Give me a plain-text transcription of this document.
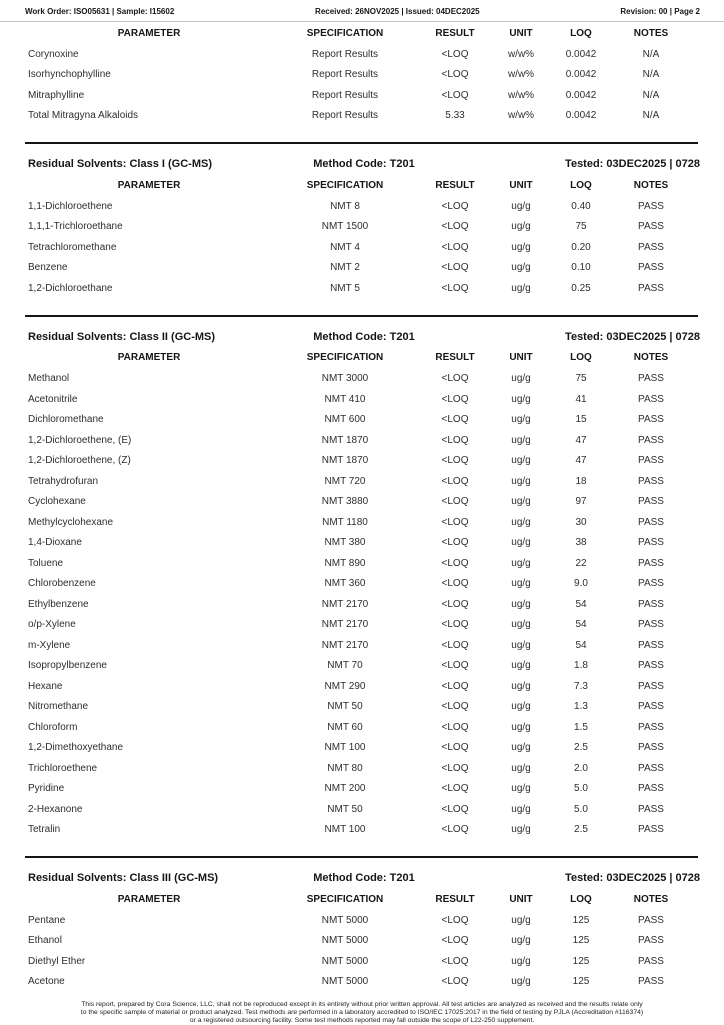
Work Order: ISO05631 | Sample: I15602	Received: 26NOV2025 | Issued: 04DEC2025	Revision: 00 | Page 2
PARAMETER	SPECIFICATION	RESULT	UNIT	LOQ	NOTES
Corynoxine	Report Results	<LOQ	w/w%	0.0042	N/A
Isorhynchophylline	Report Results	<LOQ	w/w%	0.0042	N/A
Mitraphylline	Report Results	<LOQ	w/w%	0.0042	N/A
Total Mitragyna Alkaloids	Report Results	5.33	w/w%	0.0042	N/A
Residual Solvents: Class I (GC-MS)	Method Code: T201	Tested: 03DEC2025 | 0728
PARAMETER	SPECIFICATION	RESULT	UNIT	LOQ	NOTES
1,1-Dichloroethene	NMT 8	<LOQ	ug/g	0.40	PASS
1,1,1-Trichloroethane	NMT 1500	<LOQ	ug/g	75	PASS
Tetrachloromethane	NMT 4	<LOQ	ug/g	0.20	PASS
Benzene	NMT 2	<LOQ	ug/g	0.10	PASS
1,2-Dichloroethane	NMT 5	<LOQ	ug/g	0.25	PASS
Residual Solvents: Class II (GC-MS)	Method Code: T201	Tested: 03DEC2025 | 0728
PARAMETER	SPECIFICATION	RESULT	UNIT	LOQ	NOTES
Methanol	NMT 3000	<LOQ	ug/g	75	PASS
Acetonitrile	NMT 410	<LOQ	ug/g	41	PASS
Dichloromethane	NMT 600	<LOQ	ug/g	15	PASS
1,2-Dichloroethene, (E)	NMT 1870	<LOQ	ug/g	47	PASS
1,2-Dichloroethene, (Z)	NMT 1870	<LOQ	ug/g	47	PASS
Tetrahydrofuran	NMT 720	<LOQ	ug/g	18	PASS
Cyclohexane	NMT 3880	<LOQ	ug/g	97	PASS
Methylcyclohexane	NMT 1180	<LOQ	ug/g	30	PASS
1,4-Dioxane	NMT 380	<LOQ	ug/g	38	PASS
Toluene	NMT 890	<LOQ	ug/g	22	PASS
Chlorobenzene	NMT 360	<LOQ	ug/g	9.0	PASS
Ethylbenzene	NMT 2170	<LOQ	ug/g	54	PASS
o/p-Xylene	NMT 2170	<LOQ	ug/g	54	PASS
m-Xylene	NMT 2170	<LOQ	ug/g	54	PASS
Isopropylbenzene	NMT 70	<LOQ	ug/g	1.8	PASS
Hexane	NMT 290	<LOQ	ug/g	7.3	PASS
Nitromethane	NMT 50	<LOQ	ug/g	1.3	PASS
Chloroform	NMT 60	<LOQ	ug/g	1.5	PASS
1,2-Dimethoxyethane	NMT 100	<LOQ	ug/g	2.5	PASS
Trichloroethene	NMT 80	<LOQ	ug/g	2.0	PASS
Pyridine	NMT 200	<LOQ	ug/g	5.0	PASS
2-Hexanone	NMT 50	<LOQ	ug/g	5.0	PASS
Tetralin	NMT 100	<LOQ	ug/g	2.5	PASS
Residual Solvents: Class III (GC-MS)	Method Code: T201	Tested: 03DEC2025 | 0728
PARAMETER	SPECIFICATION	RESULT	UNIT	LOQ	NOTES
Pentane	NMT 5000	<LOQ	ug/g	125	PASS
Ethanol	NMT 5000	<LOQ	ug/g	125	PASS
Diethyl Ether	NMT 5000	<LOQ	ug/g	125	PASS
Acetone	NMT 5000	<LOQ	ug/g	125	PASS
This report, prepared by Cora Science, LLC, shall not be reproduced except in its entirety without prior written approval. All test articles are analyzed as received and the results relate only
to the specific sample of material or product analyzed. Test methods are performed in a laboratory accredited to ISO/IEC 17025:2017 in the field of testing by PJLA (Accreditation #116374)
or a registered outsourcing facility. Some test methods reported may fall outside the scope of L22-250 supplement.
